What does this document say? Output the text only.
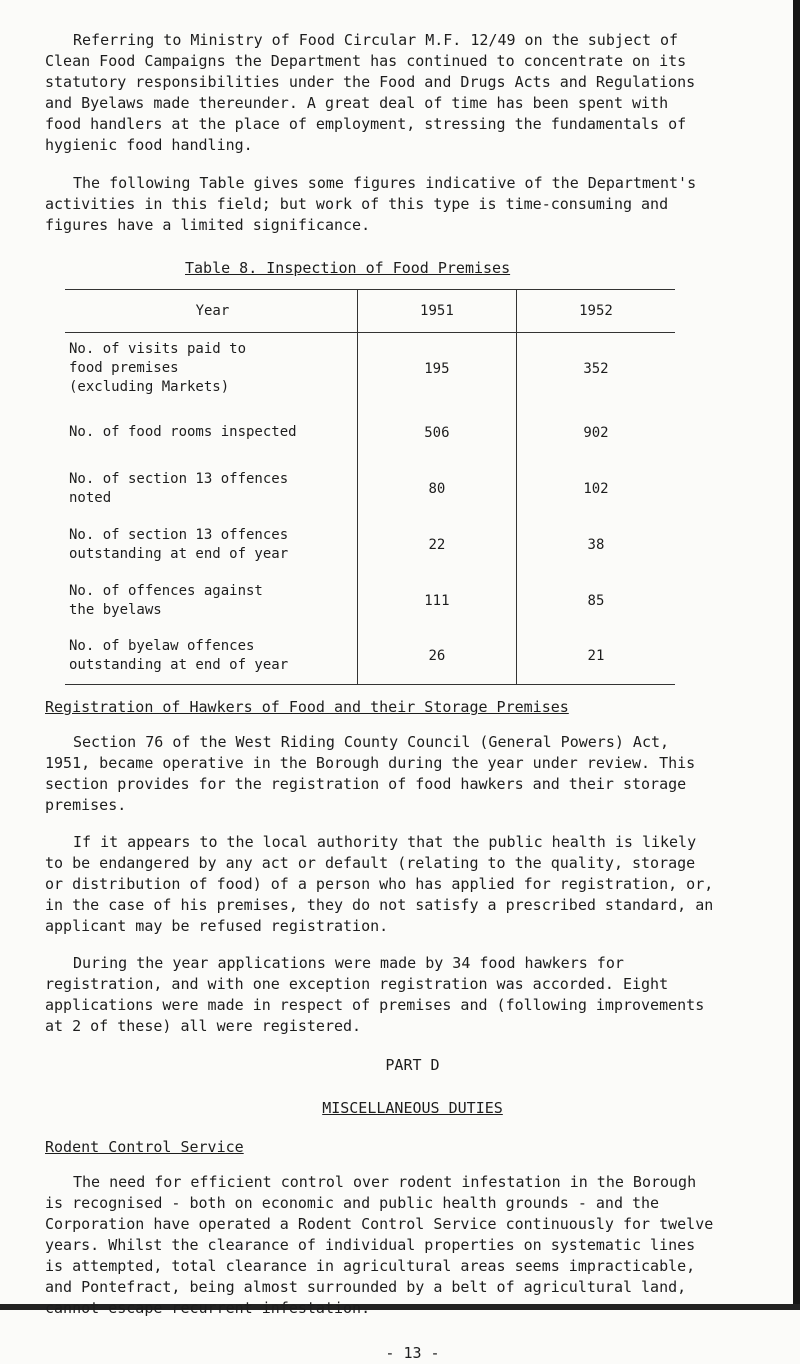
Referring to Ministry of Food Circular M.F. 12/49 on the subject of
Clean Food Campaigns the Department has continued to concentrate on its
statutory responsibilities under the Food and Drugs Acts and Regulations
and Byelaws made thereunder. A great deal of time has been spent with
food handlers at the place of employment, stressing the fundamentals of
hygienic food handling.

The following Table gives some figures indicative of the Department's
activities in this field; but work of this type is time-consuming and
figures have a limited significance.

Table 8. Inspection of Food Premises

Year	1951	1952
No. of visits paid to
food premises
(excluding Markets)	195	352
No. of food rooms inspected	506	902
No. of section 13 offences
noted	80	102
No. of section 13 offences
outstanding at end of year	22	38
No. of offences against
the byelaws	111	85
No. of byelaw offences
outstanding at end of year	26	21

Registration of Hawkers of Food and their Storage Premises

Section 76 of the West Riding County Council (General Powers) Act,
1951, became operative in the Borough during the year under review. This
section provides for the registration of food hawkers and their storage
premises.

If it appears to the local authority that the public health is likely
to be endangered by any act or default (relating to the quality, storage
or distribution of food) of a person who has applied for registration, or,
in the case of his premises, they do not satisfy a prescribed standard, an
applicant may be refused registration.

During the year applications were made by 34 food hawkers for
registration, and with one exception registration was accorded. Eight
applications were made in respect of premises and (following improvements
at 2 of these) all were registered.

PART D

MISCELLANEOUS DUTIES

Rodent Control Service

The need for efficient control over rodent infestation in the Borough
is recognised - both on economic and public health grounds - and the
Corporation have operated a Rodent Control Service continuously for twelve
years. Whilst the clearance of individual properties on systematic lines
is attempted, total clearance in agricultural areas seems impracticable,
and Pontefract, being almost surrounded by a belt of agricultural land,
cannot escape recurrent infestation.

- 13 -
